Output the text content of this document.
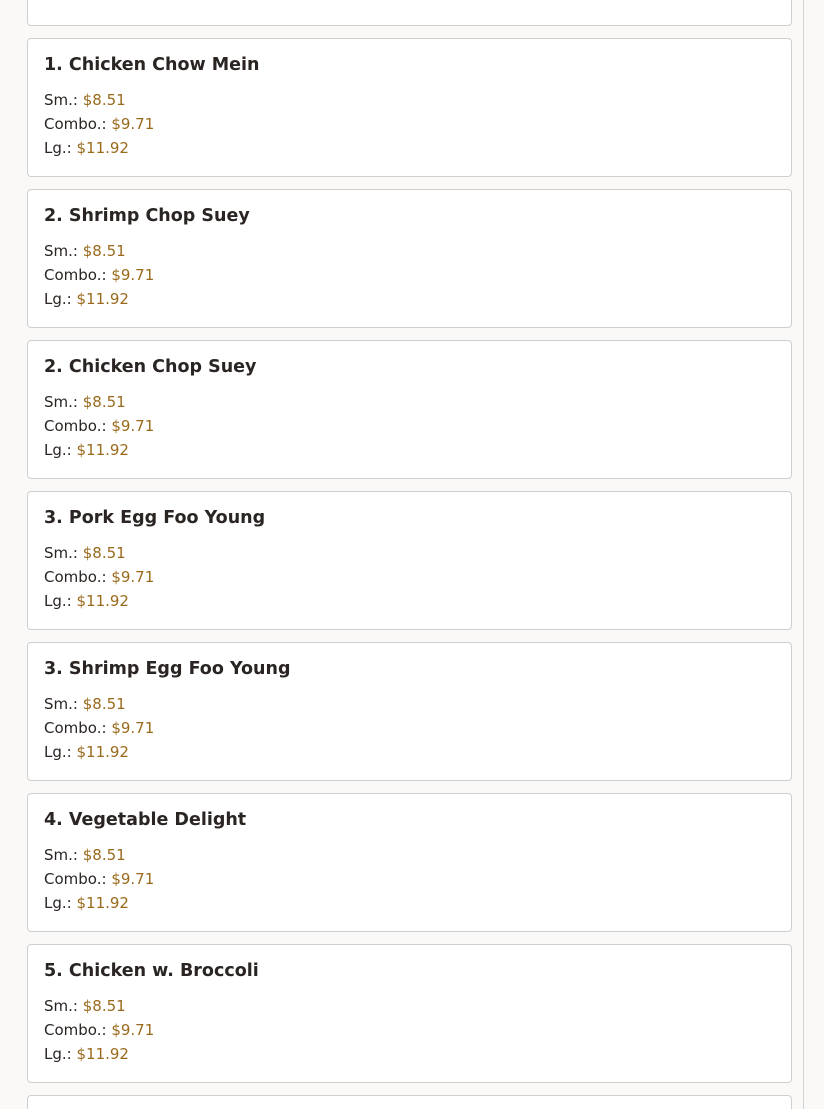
1. Chicken Chow Mein
Sm.: $8.51
Combo.: $9.71
Lg.: $11.92
2. Shrimp Chop Suey
Sm.: $8.51
Combo.: $9.71
Lg.: $11.92
2. Chicken Chop Suey
Sm.: $8.51
Combo.: $9.71
Lg.: $11.92
3. Pork Egg Foo Young
Sm.: $8.51
Combo.: $9.71
Lg.: $11.92
3. Shrimp Egg Foo Young
Sm.: $8.51
Combo.: $9.71
Lg.: $11.92
4. Vegetable Delight
Sm.: $8.51
Combo.: $9.71
Lg.: $11.92
5. Chicken w. Broccoli
Sm.: $8.51
Combo.: $9.71
Lg.: $11.92
